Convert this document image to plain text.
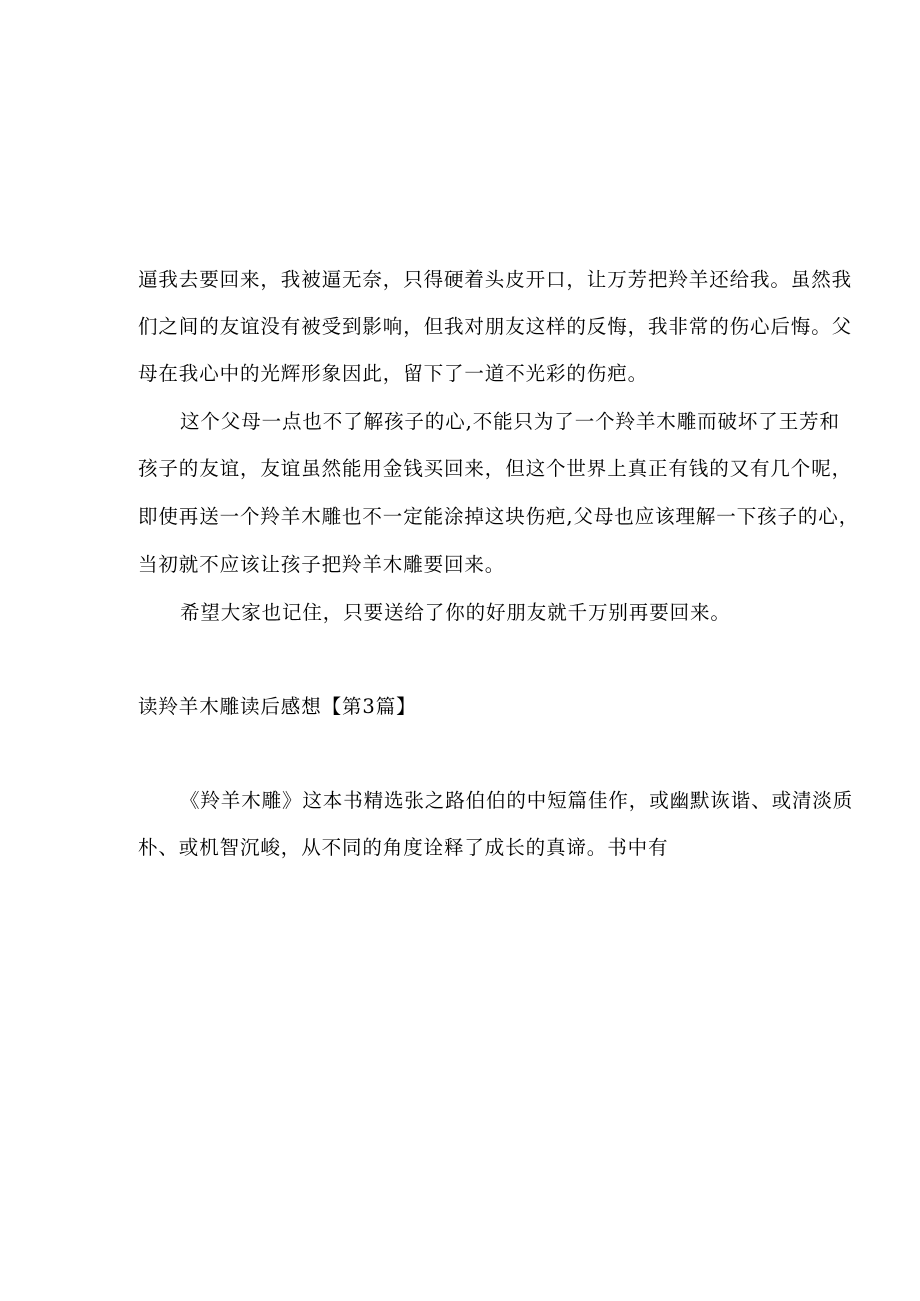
逼我去要回来，我被逼无奈，只得硬着头皮开口，让万芳把羚羊还给我。虽然我

们之间的友谊没有被受到影响，但我对朋友这样的反悔，我非常的伤心后悔。父

母在我心中的光辉形象因此，留下了一道不光彩的伤疤。

这个父母一点也不了解孩子的心,不能只为了一个羚羊木雕而破坏了王芳和

孩子的友谊，友谊虽然能用金钱买回来，但这个世界上真正有钱的又有几个呢，

即使再送一个羚羊木雕也不一定能涂掉这块伤疤,父母也应该理解一下孩子的心，

当初就不应该让孩子把羚羊木雕要回来。

希望大家也记住，只要送给了你的好朋友就千万别再要回来。

读羚羊木雕读后感想【第3篇】

《羚羊木雕》这本书精选张之路伯伯的中短篇佳作，或幽默诙谐、或清淡质

朴、或机智沉峻，从不同的角度诠释了成长的真谛。书中有
